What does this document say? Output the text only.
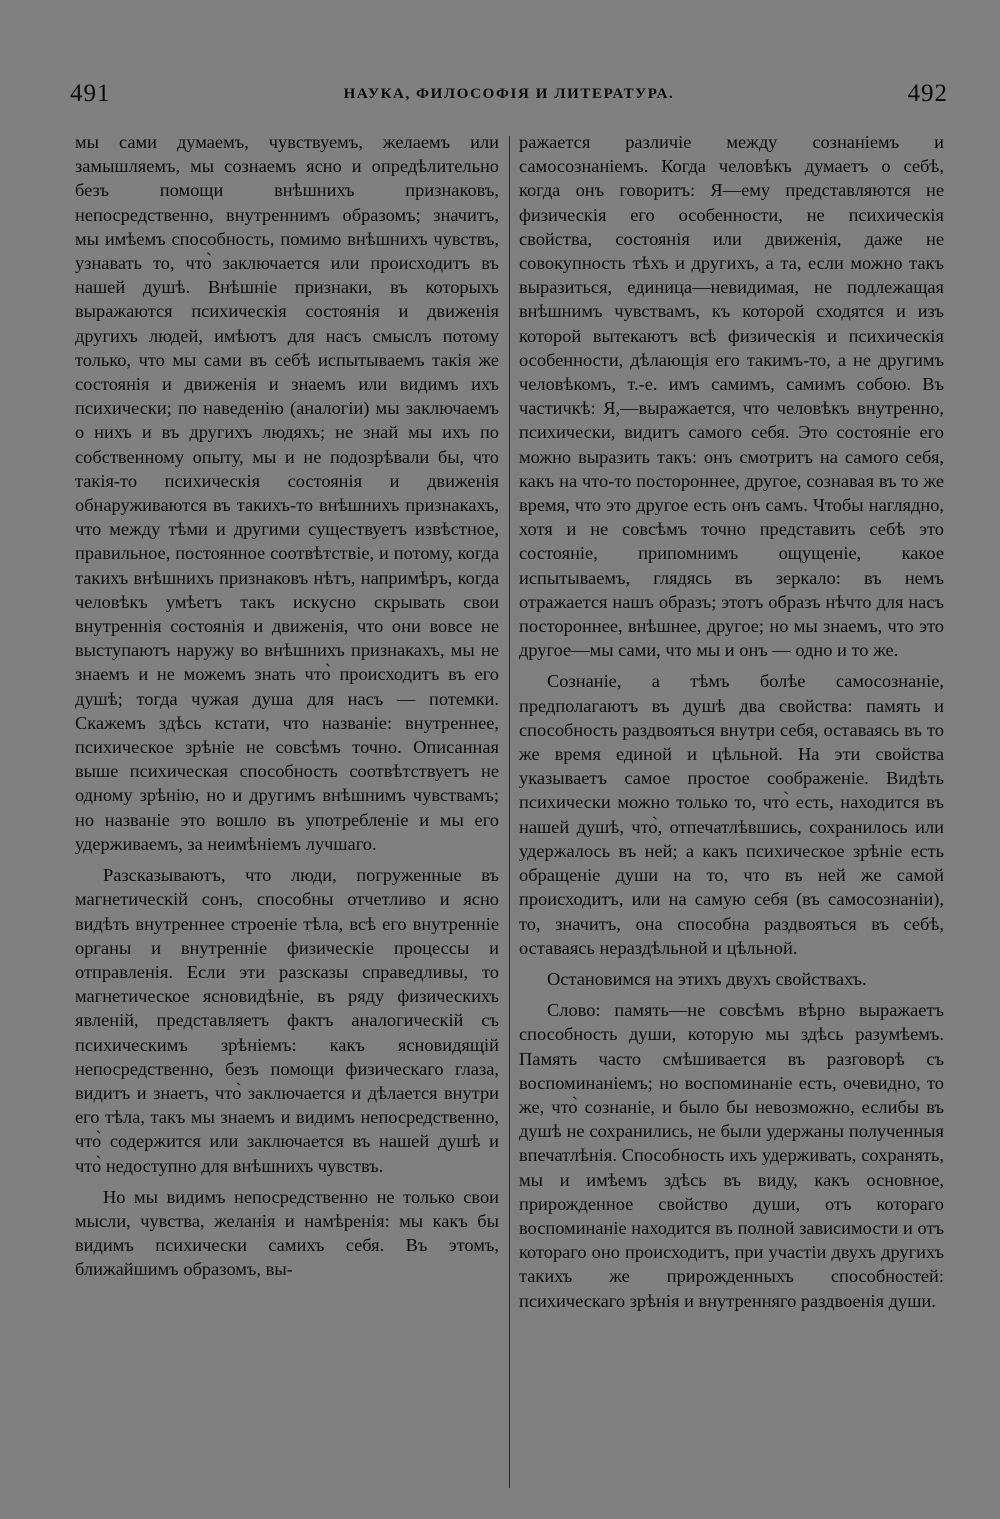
491	НАУКА, ФИЛОСОФІЯ И ЛИТЕРАТУРА.	492

мы сами думаемъ, чувствуемъ, желаемъ или замышляемъ, мы сознаемъ ясно и опредѣлительно безъ помощи внѣшнихъ признаковъ, непосредственно, внутреннимъ образомъ; значитъ, мы имѣемъ способность, помимо внѣшнихъ чувствъ, узнавать то, что̀ заключается или происходитъ въ нашей душѣ. Внѣшніе признаки, въ которыхъ выражаются психическія состоянія и движенія другихъ людей, имѣютъ для насъ смыслъ потому только, что мы сами въ себѣ испытываемъ такія же состоянія и движенія и знаемъ или видимъ ихъ психически; по наведенію (аналогіи) мы заключаемъ о нихъ и въ другихъ людяхъ; не знай мы ихъ по собственному опыту, мы и не подозрѣвали бы, что такія-то психическія состоянія и движенія обнаруживаются въ такихъ-то внѣшнихъ признакахъ, что между тѣми и другими существуетъ извѣстное, правильное, постоянное соотвѣтствіе, и потому, когда такихъ внѣшнихъ признаковъ нѣтъ, напримѣръ, когда человѣкъ умѣетъ такъ искусно скрывать свои внутреннія состоянія и движенія, что они вовсе не выступаютъ наружу во внѣшнихъ признакахъ, мы не знаемъ и не можемъ знать что̀ происходитъ въ его душѣ; тогда чужая душа для насъ — потемки. Скажемъ здѣсь кстати, что названіе: внутреннее, психическое зрѣніе не совсѣмъ точно. Описанная выше психическая способность соотвѣтствуетъ не одному зрѣнію, но и другимъ внѣшнимъ чувствамъ; но названіе это вошло въ употребленіе и мы его удерживаемъ, за неимѣніемъ лучшаго.

Разсказываютъ, что люди, погруженные въ магнетическій сонъ, способны отчетливо и ясно видѣть внутреннее строеніе тѣла, всѣ его внутренніе органы и внутренніе физическіе процессы и отправленія. Если эти разсказы справедливы, то магнетическое ясновидѣніе, въ ряду физическихъ явленій, представляетъ фактъ аналогическій съ психическимъ зрѣніемъ: какъ ясновидящій непосредственно, безъ помощи физическаго глаза, видитъ и знаетъ, что̀ заключается и дѣлается внутри его тѣла, такъ мы знаемъ и видимъ непосредственно, что̀ содержится или заключается въ нашей душѣ и что̀ недоступно для внѣшнихъ чувствъ.

Но мы видимъ непосредственно не только свои мысли, чувства, желанія и намѣренія: мы какъ бы видимъ психически самихъ себя. Въ этомъ, ближайшимъ образомъ, вы-

ражается различіе между сознаніемъ и самосознаніемъ. Когда человѣкъ думаетъ о себѣ, когда онъ говоритъ: Я—ему представляются не физическія его особенности, не психическія свойства, состоянія или движенія, даже не совокупность тѣхъ и другихъ, а та, если можно такъ выразиться, единица—невидимая, не подлежащая внѣшнимъ чувствамъ, къ которой сходятся и изъ которой вытекаютъ всѣ физическія и психическія особенности, дѣлающія его такимъ-то, а не другимъ человѣкомъ, т.-е. имъ самимъ, самимъ собою. Въ частичкѣ: Я,—выражается, что человѣкъ внутренно, психически, видитъ самого себя. Это состояніе его можно выразить такъ: онъ смотритъ на самого себя, какъ на что-то постороннее, другое, сознавая въ то же время, что это другое есть онъ самъ. Чтобы наглядно, хотя и не совсѣмъ точно представить себѣ это состояніе, припомнимъ ощущеніе, какое испытываемъ, глядясь въ зеркало: въ немъ отражается нашъ образъ; этотъ образъ нѣчто для насъ постороннее, внѣшнее, другое; но мы знаемъ, что это другое—мы сами, что мы и онъ — одно и то же.

Сознаніе, а тѣмъ болѣе самосознаніе, предполагаютъ въ душѣ два свойства: память и способность раздвояться внутри себя, оставаясь въ то же время единой и цѣльной. На эти свойства указываетъ самое простое соображеніе. Видѣть психически можно только то, что̀ есть, находится въ нашей душѣ, что̀, отпечатлѣвшись, сохранилось или удержалось въ ней; а какъ психическое зрѣніе есть обращеніе души на то, что въ ней же самой происходитъ, или на самую себя (въ самосознаніи), то, значитъ, она способна раздвояться въ себѣ, оставаясь нераздѣльной и цѣльной.

Остановимся на этихъ двухъ свойствахъ.

Слово: память—не совсѣмъ вѣрно выражаетъ способность души, которую мы здѣсь разумѣемъ. Память часто смѣшивается въ разговорѣ съ воспоминаніемъ; но воспоминаніе есть, очевидно, то же, что̀ сознаніе, и было бы невозможно, еслибы въ душѣ не сохранились, не были удержаны полученныя впечатлѣнія. Способность ихъ удерживать, сохранять, мы и имѣемъ здѣсь въ виду, какъ основное, прирожденное свойство души, отъ котораго воспоминаніе находится въ полной зависимости и отъ котораго оно происходитъ, при участіи двухъ другихъ такихъ же прирожденныхъ способностей: психическаго зрѣнія и внутренняго раздвоенія души.
